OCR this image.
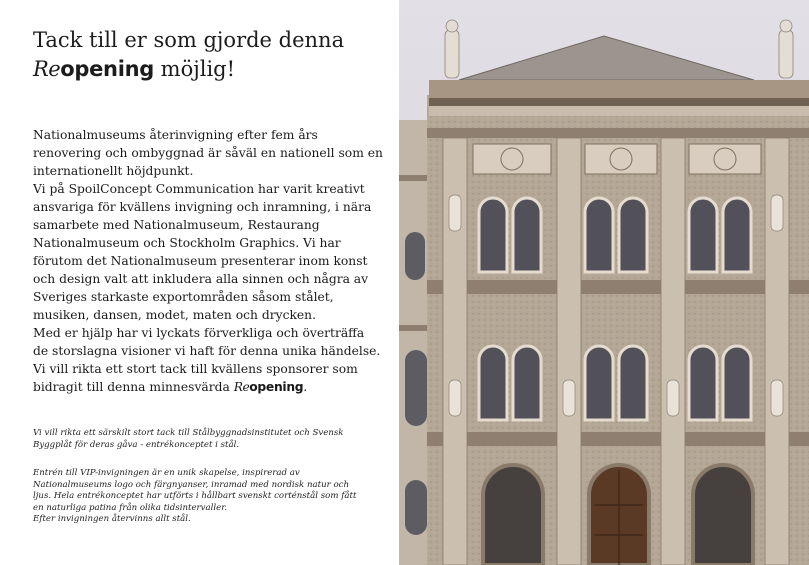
Tack till er som gjorde denna
Reopening möjlig!

Nationalmuseums återinvigning efter fem års renovering och ombyggnad är såväl en nationell som en internationellt höjdpunkt.

Vi på SpoilConcept Communication har varit kreativt ansvariga för kvällens invigning och inramning, i nära samarbete med Nationalmuseum, Restaurang Nationalmuseum och Stockholm Graphics. Vi har förutom det Nationalmuseum presenterar inom konst och design valt att inkludera alla sinnen och några av Sveriges starkaste exportområden såsom stålet, musiken, dansen, modet, maten och drycken.

Med er hjälp har vi lyckats förverkliga och överträffa de storslagna visioner vi haft för denna unika händelse.

Vi vill rikta ett stort tack till kvällens sponsorer som bidragit till denna minnesvärda Reopening.

Vi vill rikta ett särskilt stort tack till Stålbyggnadsinstitutet och Svensk Byggplåt för deras gåva - entrékonceptet i stål.

Entrén till VIP-invigningen är en unik skapelse, inspirerad av Nationalmuseums logo och färgnyanser, inramad med nordisk natur och ljus. Hela entrékonceptet har utförts i hållbart svenskt corténstål som fått en naturliga patina från olika tidsintervaller.

Efter invigningen återvinns allt stål.
